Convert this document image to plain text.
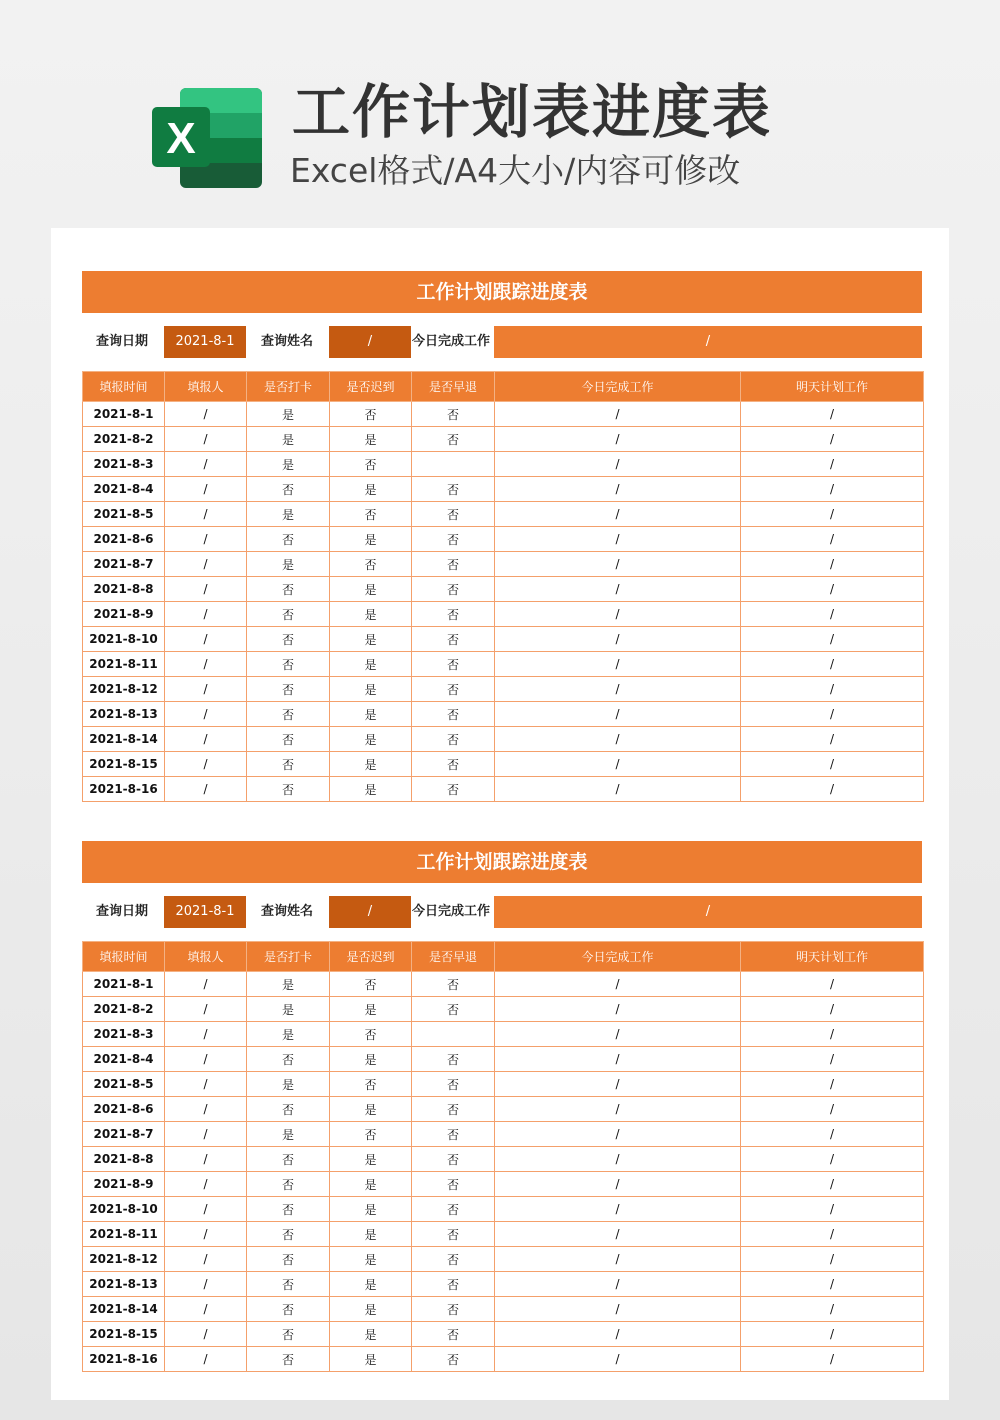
X 工作计划表进度表
Excel格式/A4大小/内容可修改
工作计划跟踪进度表
查询日期	2021-8-1	查询姓名	/	今日完成工作	/
填报时间	填报人	是否打卡	是否迟到	是否早退	今日完成工作	明天计划工作
2021-8-1	/	是	否	否	/	/
2021-8-2	/	是	是	否	/	/
2021-8-3	/	是	否		/	/
2021-8-4	/	否	是	否	/	/
2021-8-5	/	是	否	否	/	/
2021-8-6	/	否	是	否	/	/
2021-8-7	/	是	否	否	/	/
2021-8-8	/	否	是	否	/	/
2021-8-9	/	否	是	否	/	/
2021-8-10	/	否	是	否	/	/
2021-8-11	/	否	是	否	/	/
2021-8-12	/	否	是	否	/	/
2021-8-13	/	否	是	否	/	/
2021-8-14	/	否	是	否	/	/
2021-8-15	/	否	是	否	/	/
2021-8-16	/	否	是	否	/	/
工作计划跟踪进度表
查询日期	2021-8-1	查询姓名	/	今日完成工作	/
填报时间	填报人	是否打卡	是否迟到	是否早退	今日完成工作	明天计划工作
2021-8-1	/	是	否	否	/	/
2021-8-2	/	是	是	否	/	/
2021-8-3	/	是	否		/	/
2021-8-4	/	否	是	否	/	/
2021-8-5	/	是	否	否	/	/
2021-8-6	/	否	是	否	/	/
2021-8-7	/	是	否	否	/	/
2021-8-8	/	否	是	否	/	/
2021-8-9	/	否	是	否	/	/
2021-8-10	/	否	是	否	/	/
2021-8-11	/	否	是	否	/	/
2021-8-12	/	否	是	否	/	/
2021-8-13	/	否	是	否	/	/
2021-8-14	/	否	是	否	/	/
2021-8-15	/	否	是	否	/	/
2021-8-16	/	否	是	否	/	/
